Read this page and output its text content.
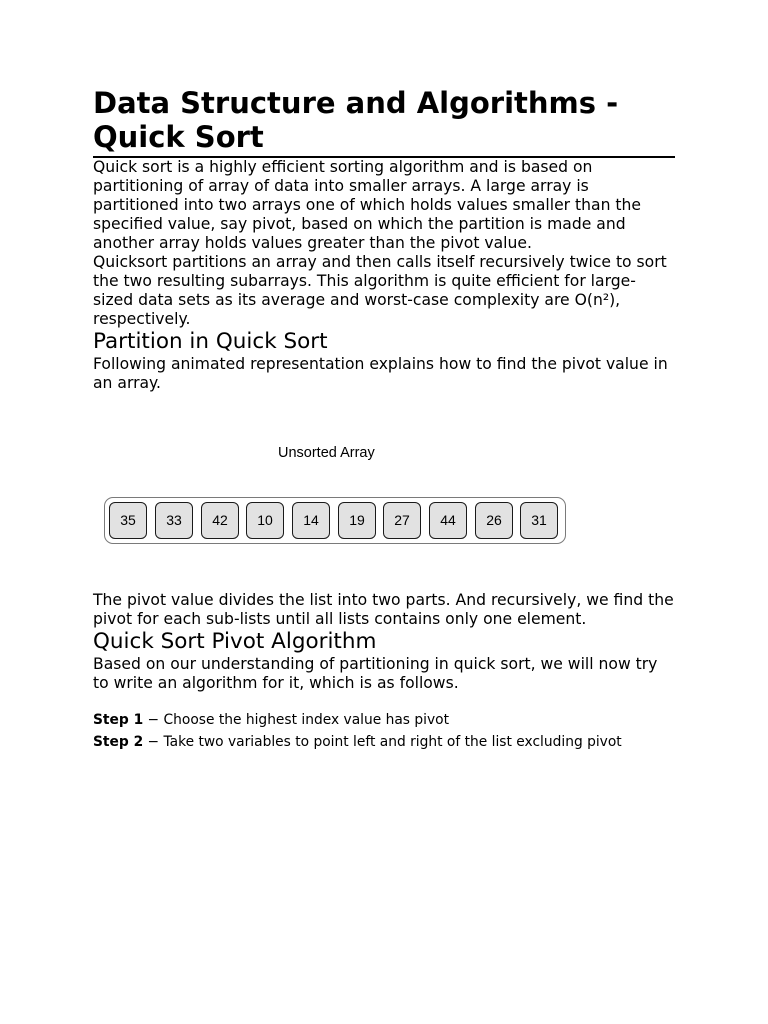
Data Structure and Algorithms - Quick Sort

Quick sort is a highly efficient sorting algorithm and is based on partitioning of array of data into smaller arrays. A large array is partitioned into two arrays one of which holds values smaller than the specified value, say pivot, based on which the partition is made and another array holds values greater than the pivot value.

Quicksort partitions an array and then calls itself recursively twice to sort the two resulting subarrays. This algorithm is quite efficient for large-sized data sets as its average and worst-case complexity are O(n²), respectively.

Partition in Quick Sort

Following animated representation explains how to find the pivot value in an array.

Unsorted Array
35	33	42	10	14	19	27	44	26	31

The pivot value divides the list into two parts. And recursively, we find the pivot for each sub-lists until all lists contains only one element.

Quick Sort Pivot Algorithm

Based on our understanding of partitioning in quick sort, we will now try to write an algorithm for it, which is as follows.

Step 1 − Choose the highest index value has pivot
Step 2 − Take two variables to point left and right of the list excluding pivot
